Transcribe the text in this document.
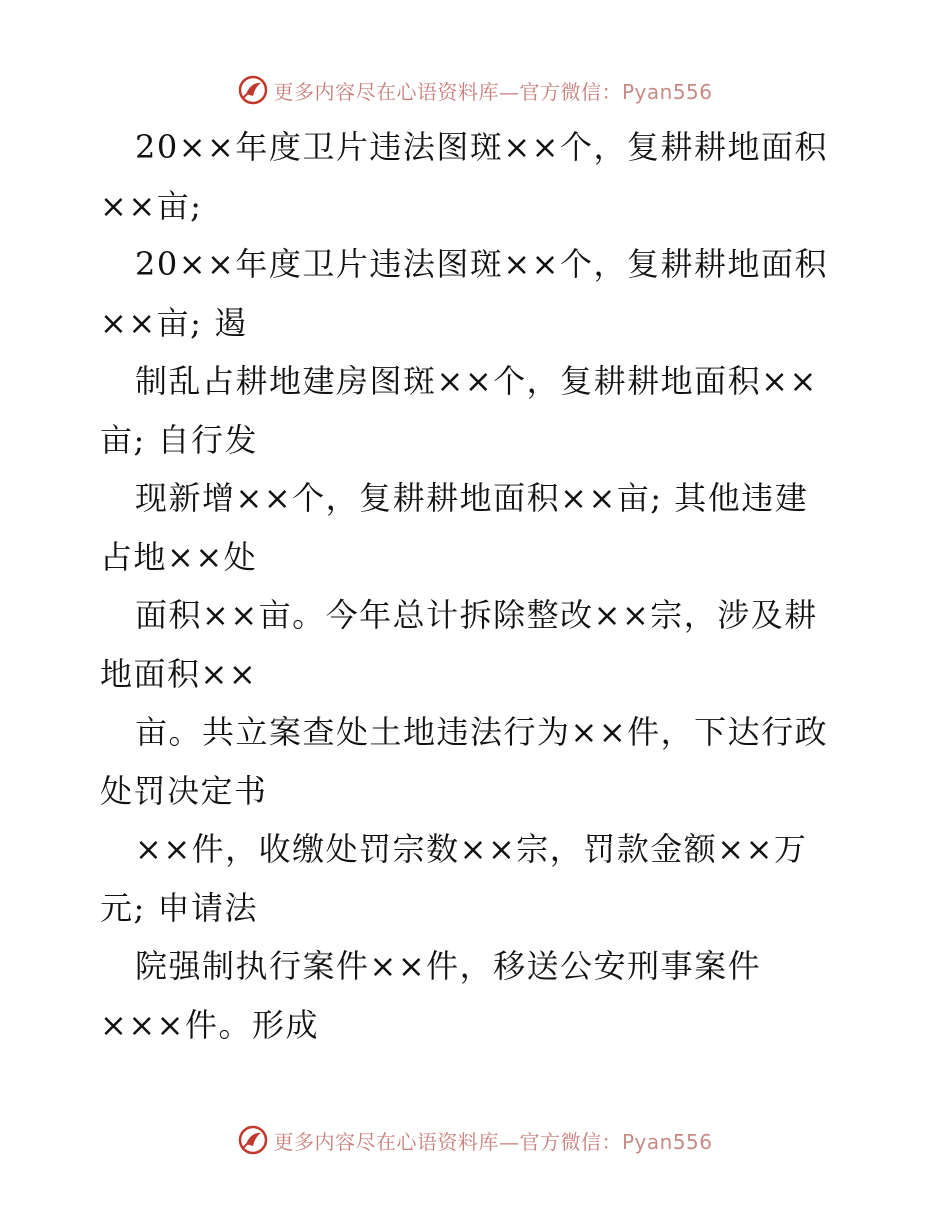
更多内容尽在心语资料库—官方微信：Pyan556
20××年度卫片违法图斑××个，复耕耕地面积
××亩;
20××年度卫片违法图斑××个，复耕耕地面积
××亩; 遏
制乱占耕地建房图斑××个，复耕耕地面积××
亩; 自行发
现新增××个，复耕耕地面积××亩; 其他违建
占地××处
面积××亩。今年总计拆除整改××宗，涉及耕
地面积××
亩。共立案查处土地违法行为××件，下达行政
处罚决定书
××件，收缴处罚宗数××宗，罚款金额××万
元; 申请法
院强制执行案件××件，移送公安刑事案件
×××件。形成
更多内容尽在心语资料库—官方微信：Pyan556
